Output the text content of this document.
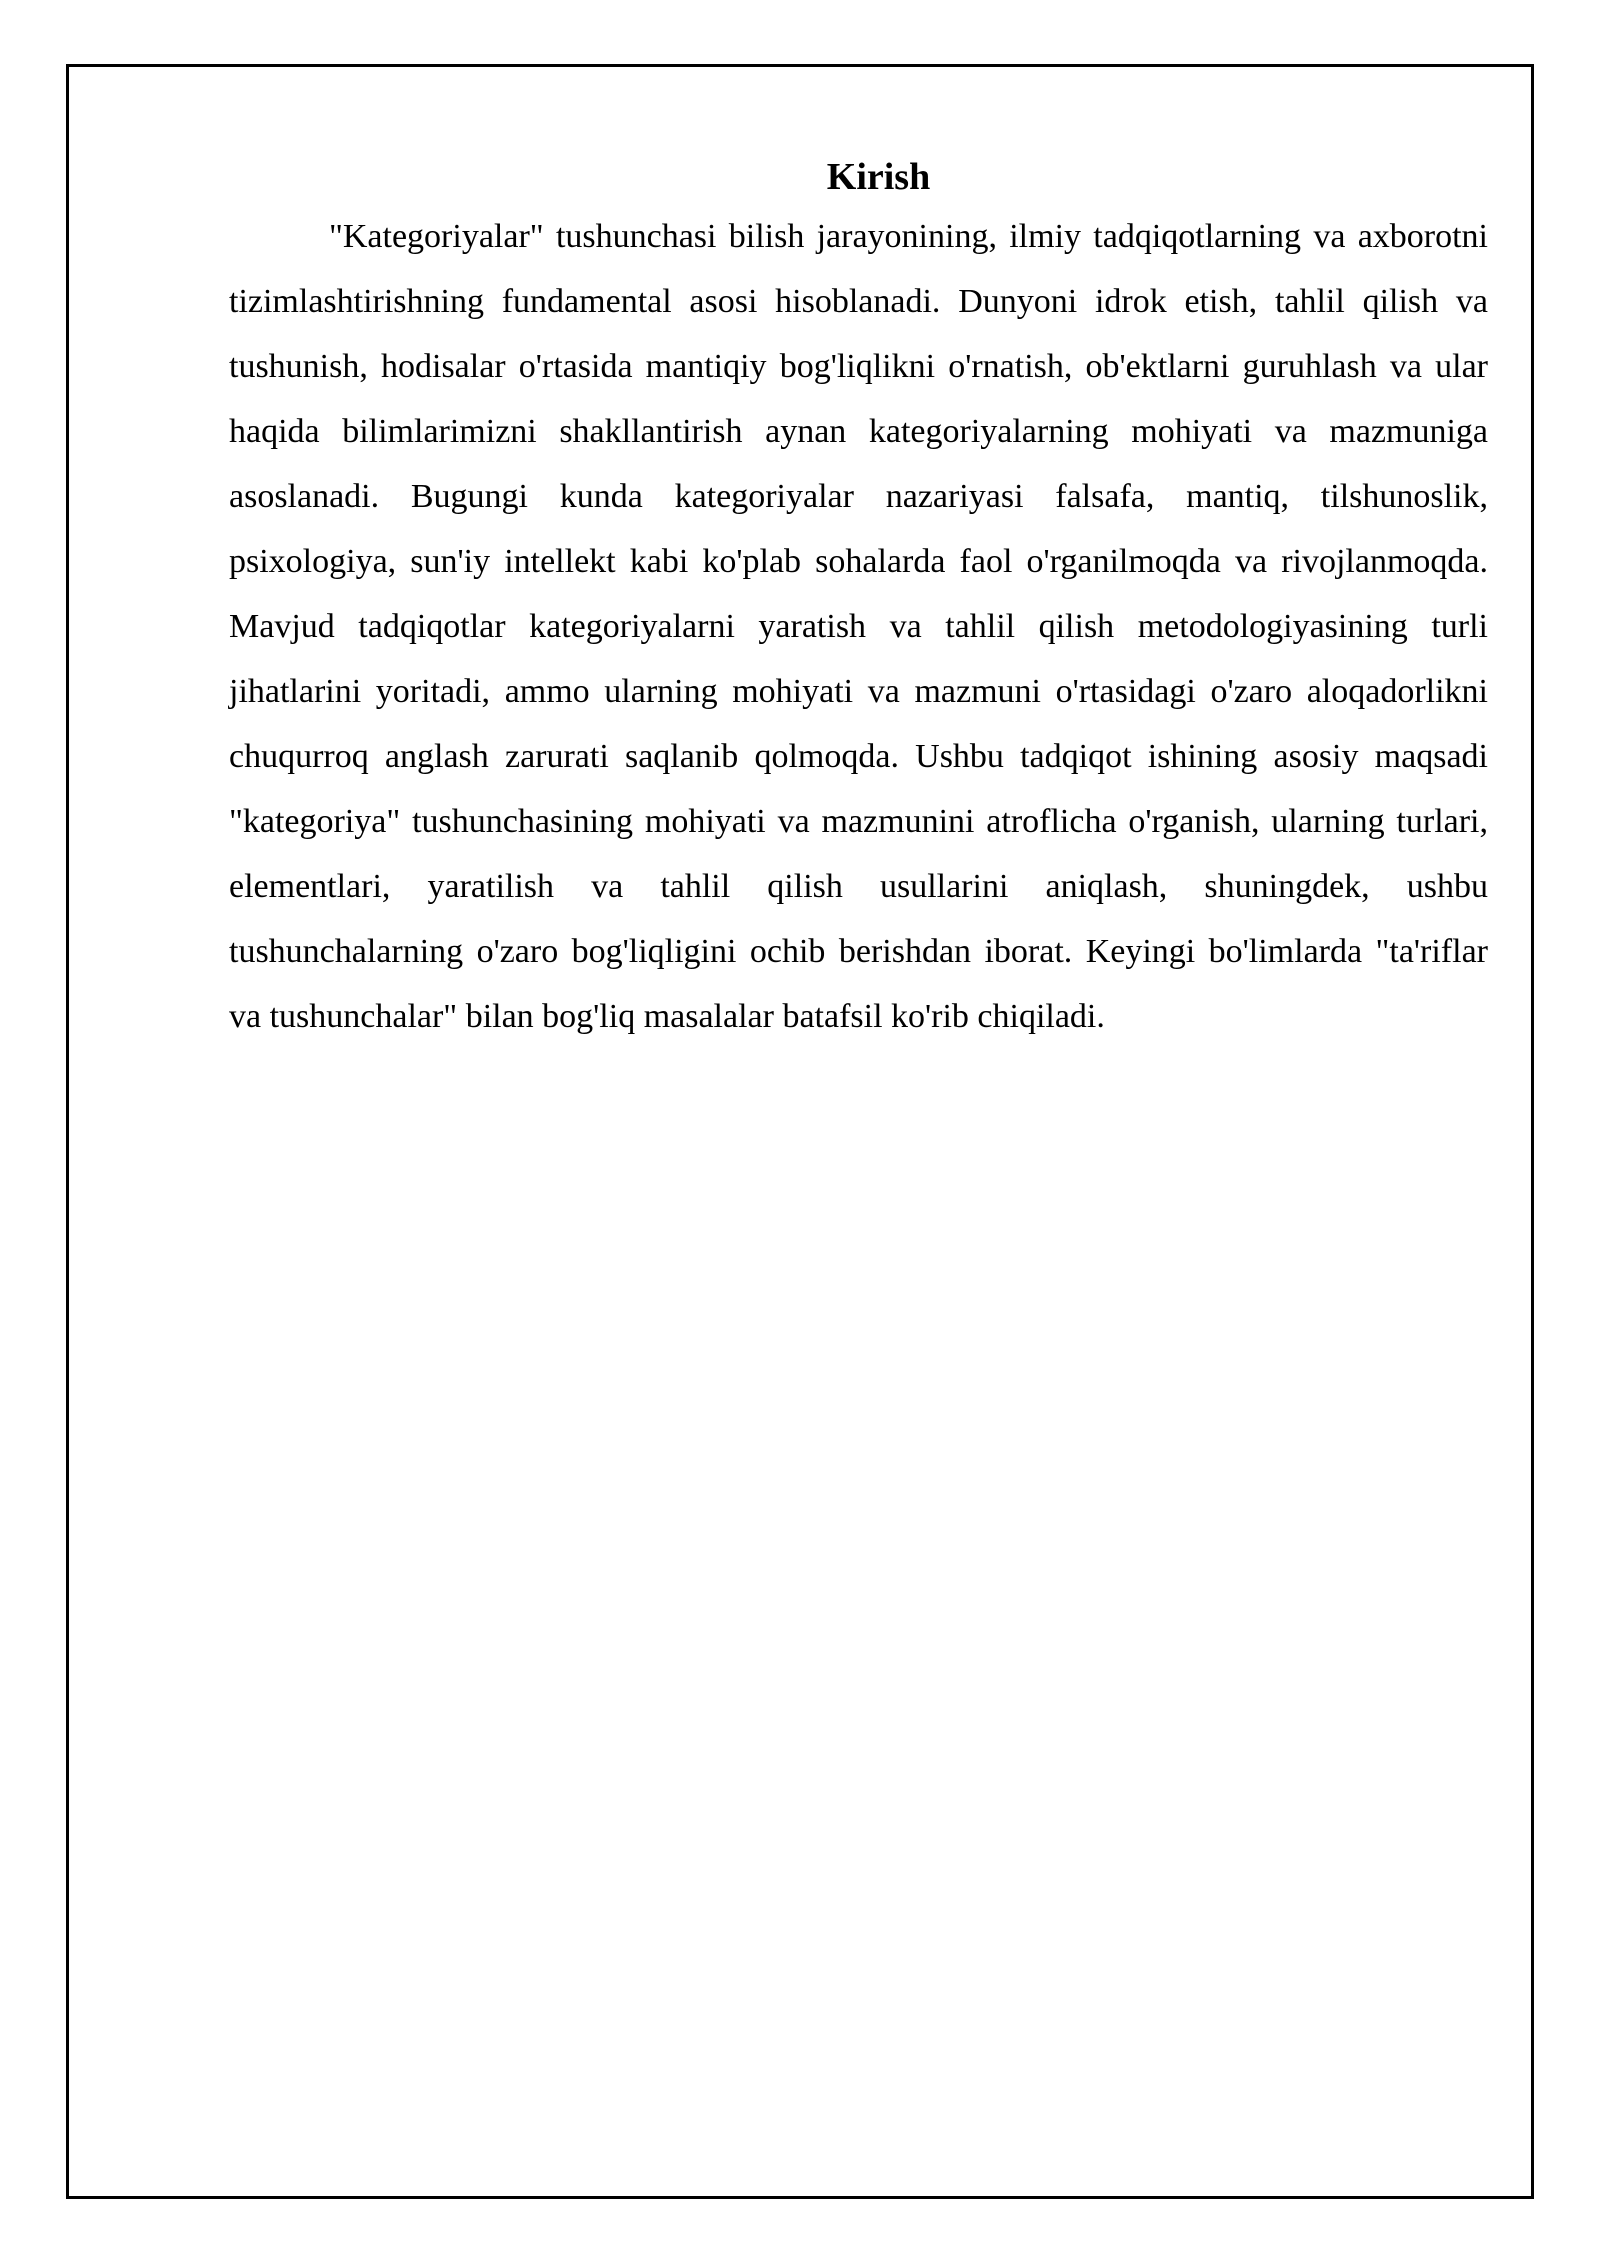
Kirish

"Kategoriyalar" tushunchasi bilish jarayonining, ilmiy tadqiqotlarning va axborotni tizimlashtirishning fundamental asosi hisoblanadi. Dunyoni idrok etish, tahlil qilish va tushunish, hodisalar o'rtasida mantiqiy bog'liqlikni o'rnatish, ob'ektlarni guruhlash va ular haqida bilimlarimizni shakllantirish aynan kategoriyalarning mohiyati va mazmuniga asoslanadi. Bugungi kunda kategoriyalar nazariyasi falsafa, mantiq, tilshunoslik, psixologiya, sun'iy intellekt kabi ko'plab sohalarda faol o'rganilmoqda va rivojlanmoqda. Mavjud tadqiqotlar kategoriyalarni yaratish va tahlil qilish metodologiyasining turli jihatlarini yoritadi, ammo ularning mohiyati va mazmuni o'rtasidagi o'zaro aloqadorlikni chuqurroq anglash zarurati saqlanib qolmoqda. Ushbu tadqiqot ishining asosiy maqsadi "kategoriya" tushunchasining mohiyati va mazmunini atroflicha o'rganish, ularning turlari, elementlari, yaratilish va tahlil qilish usullarini aniqlash, shuningdek, ushbu tushunchalarning o'zaro bog'liqligini ochib berishdan iborat. Keyingi bo'limlarda "ta'riflar va tushunchalar" bilan bog'liq masalalar batafsil ko'rib chiqiladi.
